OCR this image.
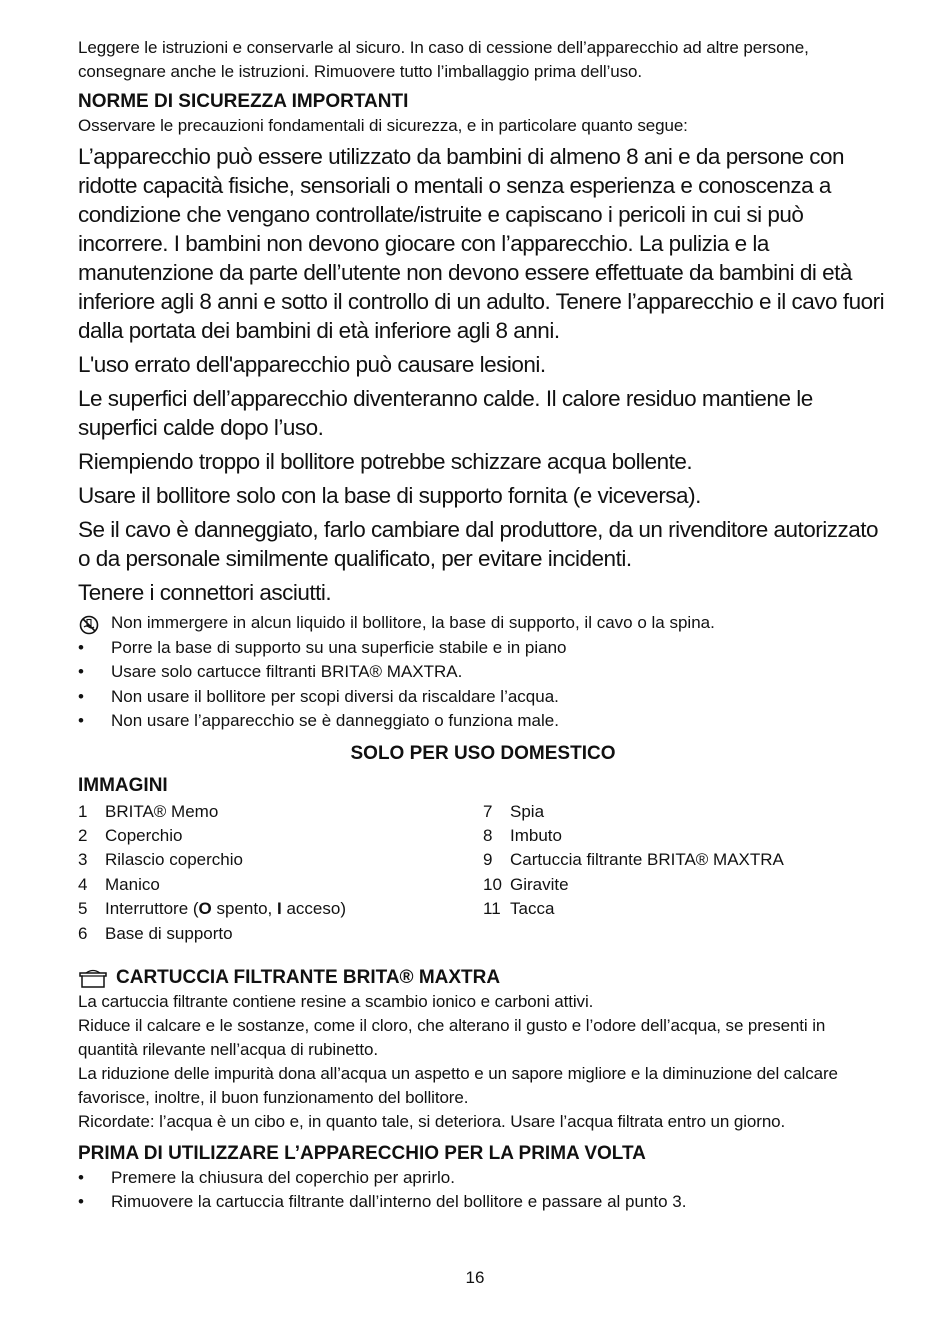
Leggere le istruzioni e conservarle al sicuro. In caso di cessione dell’apparecchio ad altre persone, consegnare anche le istruzioni. Rimuovere tutto l’imballaggio prima dell’uso.

NORME DI SICUREZZA IMPORTANTI

Osservare le precauzioni fondamentali di sicurezza, e in particolare quanto segue:

L’apparecchio può essere utilizzato da bambini di almeno 8 ani e da persone con ridotte capacità fisiche, sensoriali o mentali o senza esperienza e conoscenza a condizione che vengano controllate/istruite e capiscano i pericoli in cui si può incorrere. I bambini non devono giocare con l’apparecchio. La pulizia e la manutenzione da parte dell’utente non devono essere effettuate da bambini di età inferiore agli 8 anni e sotto il controllo di un adulto. Tenere l’apparecchio e il cavo fuori dalla portata dei bambini di età inferiore agli 8 anni.

L'uso errato dell'apparecchio può causare lesioni.

Le superfici dell’apparecchio diventeranno calde. Il calore residuo mantiene le superfici calde dopo l’uso.

Riempiendo troppo il bollitore potrebbe schizzare acqua bollente.

Usare il bollitore solo con la base di supporto fornita (e viceversa).

Se il cavo è danneggiato, farlo cambiare dal produttore, da un rivenditore autorizzato o da personale similmente qualificato, per evitare incidenti.

Tenere i connettori asciutti.

Non immergere in alcun liquido il bollitore, la base di supporto, il cavo o la spina.
• Porre la base di supporto su una superficie stabile e in piano
• Usare solo cartucce filtranti BRITA® MAXTRA.
• Non usare il bollitore per scopi diversi da riscaldare l’acqua.
• Non usare l’apparecchio se è danneggiato o funziona male.

SOLO PER USO DOMESTICO

IMMAGINI

1	BRITA® Memo
2	Coperchio
3	Rilascio coperchio
4	Manico
5	Interruttore (O spento, I acceso)
6	Base di supporto
7	Spia
8	Imbuto
9	Cartuccia filtrante BRITA® MAXTRA
10 Giravite
11 Tacca
CARTUCCIA FILTRANTE BRITA® MAXTRA

La cartuccia filtrante contiene resine a scambio ionico e carboni attivi.

Riduce il calcare e le sostanze, come il cloro, che alterano il gusto e l’odore dell’acqua, se presenti in quantità rilevante nell’acqua di rubinetto.

La riduzione delle impurità dona all’acqua un aspetto e un sapore migliore e la diminuzione del calcare favorisce, inoltre, il buon funzionamento del bollitore.

Ricordate: l’acqua è un cibo e, in quanto tale, si deteriora. Usare l’acqua filtrata entro un giorno.

PRIMA DI UTILIZZARE L’APPARECCHIO PER LA PRIMA VOLTA

• Premere la chiusura del coperchio per aprirlo.
• Rimuovere la cartuccia filtrante dall’interno del bollitore e passare al punto 3.
16
